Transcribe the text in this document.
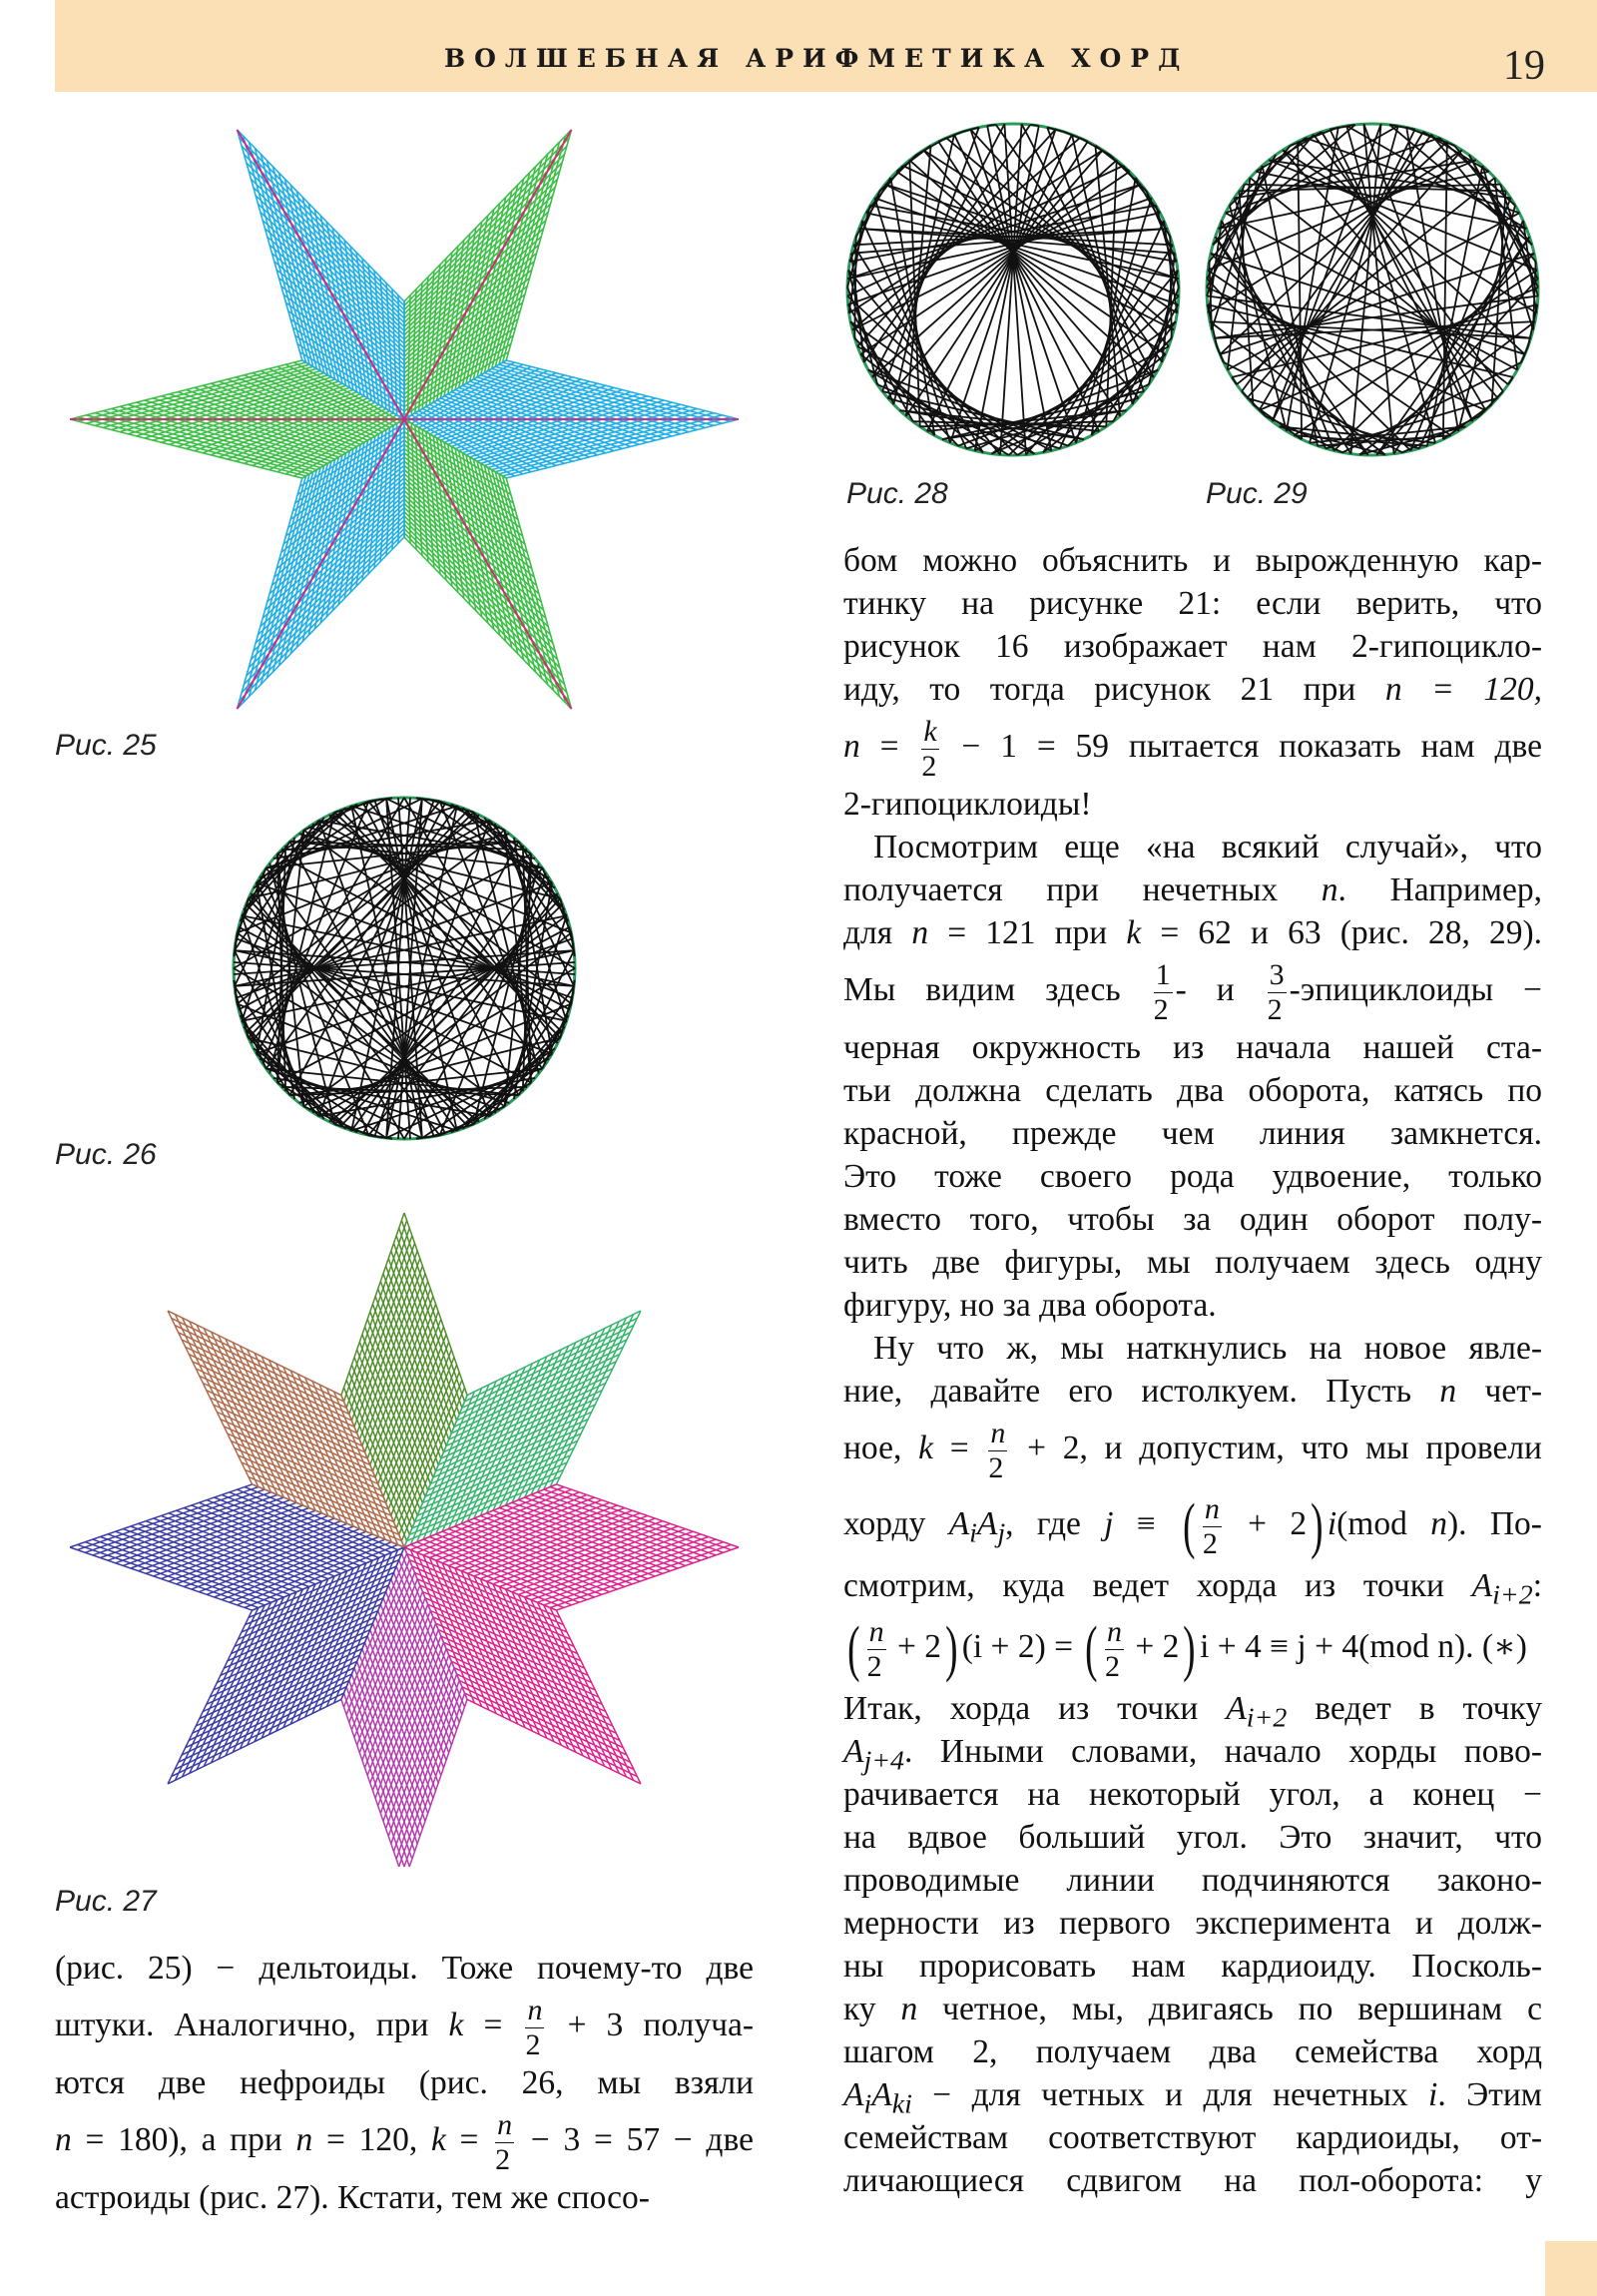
ВОЛШЕБНАЯ АРИФМЕТИКА ХОРД	19
Рис. 25
Рис. 26
Рис. 27
Рис. 28	Рис. 29
(рис. 25) − дельтоиды. Тоже почему-то две
штуки. Аналогично, при $k = \frac{n}{2} + 3$ получа-
ются две нефроиды (рис. 26, мы взяли
n = 180), а при n = 120, $k = \frac{n}{2} - 3 = 57$ − две
астроиды (рис. 27). Кстати, тем же спосо-
бом можно объяснить и вырожденную кар-
тинку на рисунке 21: если верить, что
рисунок 16 изображает нам 2-гипоциклo-
иду, то тогда рисунок 21 при n = 120,
$n = \frac{k}{2} - 1 = 59$ пытается показать нам две
2-гипоциклоиды!
Посмотрим еще «на всякий случай», что
получается при нечетных n. Например,
для n = 121 при k = 62 и 63 (рис. 28, 29).
Мы видим здесь $\frac{1}{2}$ - и $\frac{3}{2}$ -эпициклоиды −
черная окружность из начала нашей ста-
тьи должна сделать два оборота, катясь по
красной, прежде чем линия замкнется.
Это тоже своего рода удвоение, только
вместо того, чтобы за один оборот полу-
чить две фигуры, мы получаем здесь одну
фигуру, но за два оборота.
Ну что ж, мы наткнулись на новое явле-
ние, давайте его истолкуем. Пусть n чет-
ное, $k = \frac{n}{2} + 2$, и допустим, что мы провели
хорду $A_iA_j$, где j ≡ ( $\frac{n}{2} + 2$) i(mod n). По-
смотрим, куда ведет хорда из точки $A_{i+2}$:
( $\frac{n}{2} + 2$) (i + 2) = ( $\frac{n}{2} + 2$) i + 4 ≡ j + 4(mod n). (∗)
Итак, хорда из точки $A_{i+2}$ ведет в точку
$A_{j+4}$. Иными словами, начало хорды пово-
рачивается на некоторый угол, а конец −
на вдвое больший угол. Это значит, что
проводимые линии подчиняются законо-
мерности из первого эксперимента и долж-
ны прорисовать нам кардиоиду. Посколь-
ку n четное, мы, двигаясь по вершинам с
шагом 2, получаем два семейства хорд
$A_iA_{ki}$ − для четных и для нечетных i. Этим
семействам соответствуют кардиоиды, от-
личающиеся сдвигом на пол-оборота: у
